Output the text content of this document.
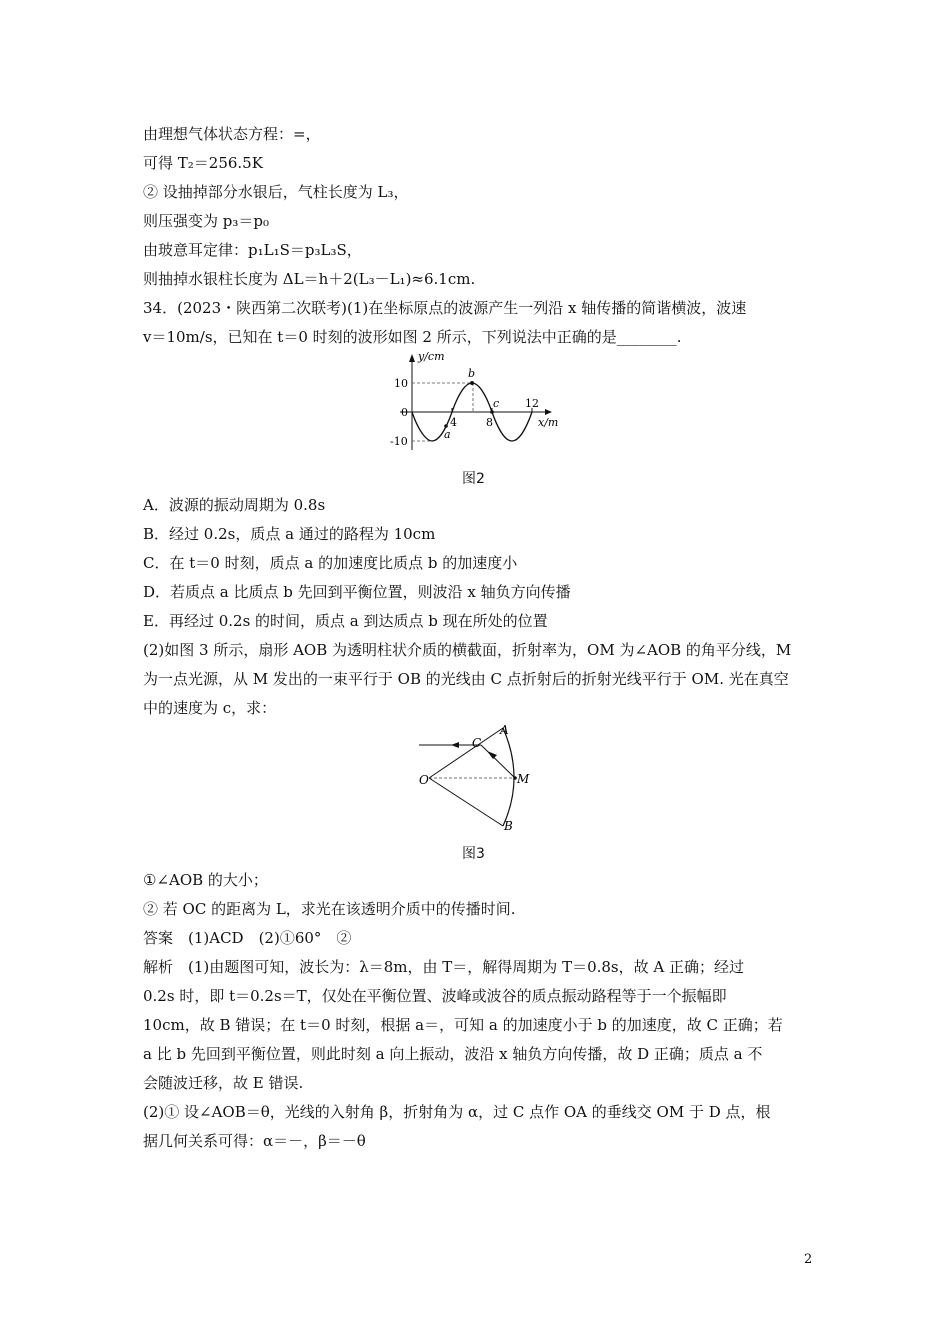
由理想气体状态方程：=，
可得 T₂＝256.5K
② 设抽掉部分水银后，气柱长度为 L₃，
则压强变为 p₃＝p₀
由玻意耳定律：p₁L₁S＝p₃L₃S，
则抽掉水银柱长度为 ΔL＝h＋2(L₃－L₁)≈6.1cm.
34．(2023・陕西第二次联考)(1)在坐标原点的波源产生一列沿 x 轴传播的简谐横波，波速
v＝10m/s，已知在 t＝0 时刻的波形如图 2 所示，下列说法中正确的是________.
y/cm
x/m
0
10
-10
4	8
12
a
b
c
图2
A．波源的振动周期为 0.8s
B．经过 0.2s，质点 a 通过的路程为 10cm
C．在 t＝0 时刻，质点 a 的加速度比质点 b 的加速度小
D．若质点 a 比质点 b 先回到平衡位置，则波沿 x 轴负方向传播
E．再经过 0.2s 的时间，质点 a 到达质点 b 现在所处的位置
(2)如图 3 所示，扇形 AOB 为透明柱状介质的横截面，折射率为，OM 为∠AOB 的角平分线，M
为一点光源，从 M 发出的一束平行于 OB 的光线由 C 点折射后的折射光线平行于 OM. 光在真空
中的速度为 c，求：
O
A
B
C
M
图3
①∠AOB 的大小；
② 若 OC 的距离为 L，求光在该透明介质中的传播时间.
答案　(1)ACD　(2)①60°　②
解析　(1)由题图可知，波长为：λ＝8m，由 T＝，解得周期为 T＝0.8s，故 A 正确；经过
0.2s 时，即 t＝0.2s＝T，仅处在平衡位置、波峰或波谷的质点振动路程等于一个振幅即
10cm，故 B 错误；在 t＝0 时刻，根据 a＝，可知 a 的加速度小于 b 的加速度，故 C 正确；若
a 比 b 先回到平衡位置，则此时刻 a 向上振动，波沿 x 轴负方向传播，故 D 正确；质点 a 不
会随波迁移，故 E 错误.
(2)① 设∠AOB＝θ，光线的入射角 β，折射角为 α，过 C 点作 OA 的垂线交 OM 于 D 点，根
据几何关系可得：α＝－，β＝－θ
2
